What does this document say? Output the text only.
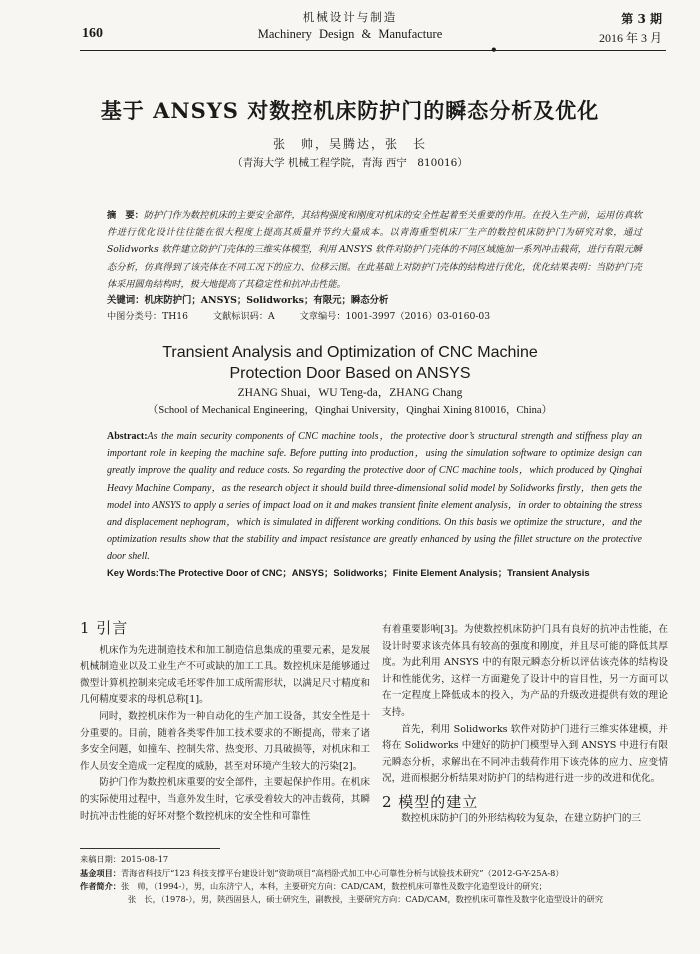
机械设计与制造
160	Machinery Design & Manufacture
第 3 期
2016 年 3 月
•
基于 ANSYS 对数控机床防护门的瞬态分析及优化
张　帅，吴腾达，张　长
（青海大学 机械工程学院，青海 西宁　810016）
摘　要：防护门作为数控机床的主要安全部件，其结构强度和刚度对机床的安全性起着至关重要的作用。在投入生产前，运用仿真软件进行优化设计往往能在很大程度上提高其质量并节约大量成本。以青海重型机床厂生产的数控机床防护门为研究对象，通过 Solidworks 软件建立防护门壳体的三维实体模型，利用 ANSYS 软件对防护门壳体的不同区域施加一系列冲击载荷，进行有限元瞬态分析，仿真得到了该壳体在不同工况下的应力、位移云图。在此基础上对防护门壳体的结构进行优化，优化结果表明：当防护门壳体采用圆角结构时，极大地提高了其稳定性和抗冲击性能。
关键词：机床防护门；ANSYS；Solidworks；有限元；瞬态分析
中图分类号：TH16	文献标识码：A	文章编号：1001-3997（2016）03-0160-03
Transient Analysis and Optimization of CNC Machine
Protection Door Based on ANSYS
ZHANG Shuai，WU Teng-da，ZHANG Chang
（School of Mechanical Engineering，Qinghai University，Qinghai Xining 810016，China）
Abstract:As the main security components of CNC machine tools，the protective door’s structural strength and stiffness play an important role in keeping the machine safe. Before putting into production，using the simulation software to optimize design can greatly improve the quality and reduce costs. So regarding the protective door of CNC machine tools，which produced by Qinghai Heavy Machine Company，as the research object it should build three-dimensional solid model by Solidworks firstly，then gets the model into ANSYS to apply a series of impact load on it and makes transient finite element analysis，in order to obtaining the stress and displacement nephogram，which is simulated in different working conditions. On this basis we optimize the structure，and the optimization results show that the stability and impact resistance are greatly enhanced by using the fillet structure on the protective door shell.
Key Words:The Protective Door of CNC；ANSYS；Solidworks；Finite Element Analysis；Transient Analysis
1 引言

机床作为先进制造技术和加工制造信息集成的重要元素，是发展机械制造业以及工业生产不可或缺的加工工具。数控机床是能够通过微型计算机控制来完成毛坯零件加工成所需形状，以满足尺寸精度和几何精度要求的母机总称[1]。

同时，数控机床作为一种自动化的生产加工设备，其安全性是十分重要的。目前，随着各类零件加工技术要求的不断提高，带来了诸多安全问题，如撞车、控制失常、热变形、刀具破损等，对机床和工作人员安全造成一定程度的威胁，甚至对环境产生较大的污染[2]。

防护门作为数控机床重要的安全部件，主要起保护作用。在机床的实际使用过程中，当意外发生时，它承受着较大的冲击载荷，其瞬时抗冲击性能的好坏对整个数控机床的安全性和可靠性

有着重要影响[3]。为使数控机床防护门具有良好的抗冲击性能，在设计时要求该壳体具有较高的强度和刚度，并且尽可能的降低其厚度。为此利用 ANSYS 中的有限元瞬态分析以评估该壳体的结构设计和性能优劣，这样一方面避免了设计中的盲目性，另一方面可以在一定程度上降低成本的投入，为产品的升级改进提供有效的理论支持。

首先，利用 Solidworks 软件对防护门进行三维实体建模，并将在 Solidworks 中建好的防护门模型导入到 ANSYS 中进行有限元瞬态分析，求解出在不同冲击载荷作用下该壳体的应力、应变情况，进而根据分析结果对防护门的结构进行进一步的改进和优化。

2 模型的建立

数控机床防护门的外形结构较为复杂，在建立防护门的三

来稿日期：2015-08-17
基金项目：青海省科技厅“123 科技支撑平台建设计划”资助项目“高档卧式加工中心可靠性分析与试验技术研究”（2012-G-Y-25A-8）
作者简介：张　帅，（1994-），男，山东济宁人，本科，主要研究方向：CAD/CAM，数控机床可靠性及数字化造型设计的研究；
张　长，（1978-），男，陕西固县人，硕士研究生，副教授，主要研究方向：CAD/CAM，数控机床可靠性及数字化造型设计的研究
